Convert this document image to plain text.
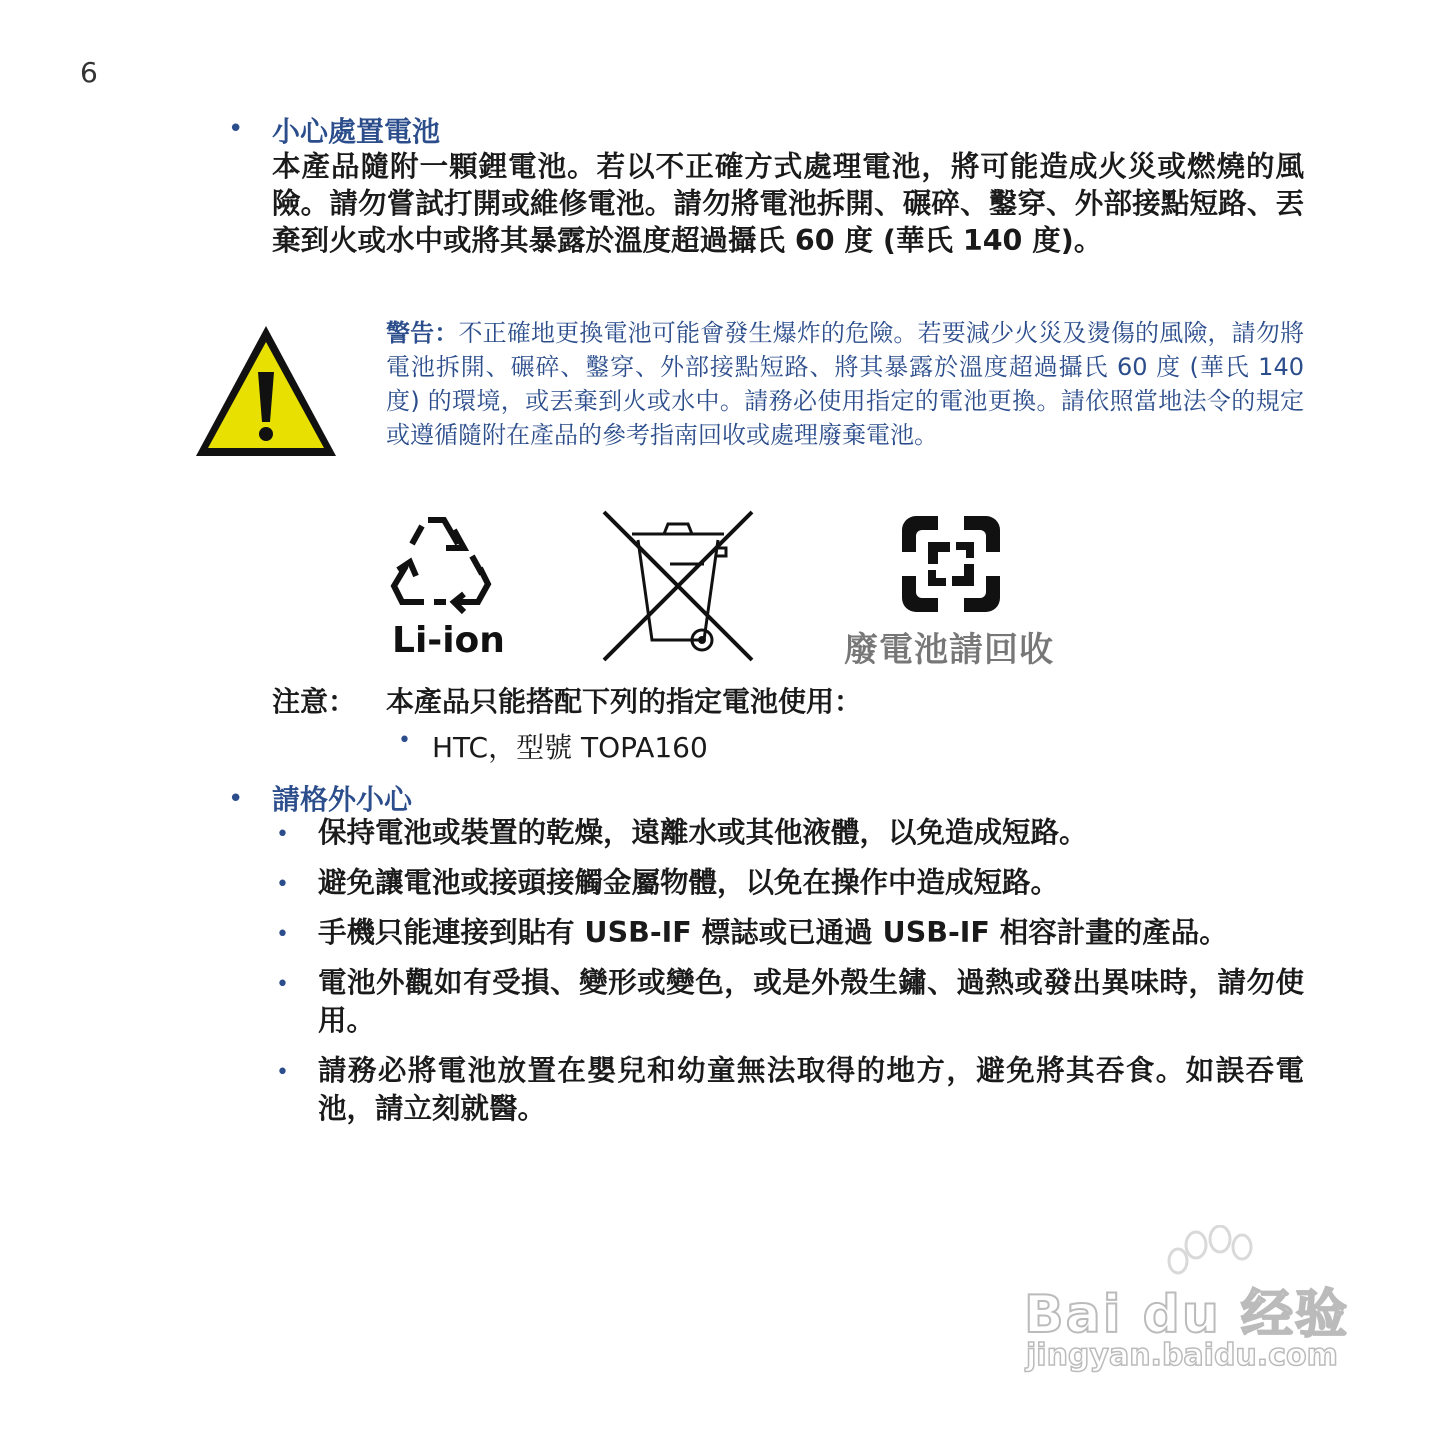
6
• 小心處置電池
本產品隨附一顆鋰電池。若以不正確方式處理電池，將可能造成火災或燃燒的風險。請勿嘗試打開或維修電池。請勿將電池拆開、碾碎、鑿穿、外部接點短路、丟棄到火或水中或將其暴露於溫度超過攝氏 60 度 (華氏 140 度)。
警告：不正確地更換電池可能會發生爆炸的危險。若要減少火災及燙傷的風險，請勿將電池拆開、碾碎、鑿穿、外部接點短路、將其暴露於溫度超過攝氏 60 度 (華氏 140 度) 的環境，或丟棄到火或水中。請務必使用指定的電池更換。請依照當地法令的規定或遵循隨附在產品的參考指南回收或處理廢棄電池。
Li-ion	廢電池請回收
注意： 本產品只能搭配下列的指定電池使用：
• HTC，型號 TOPA160
• 請格外小心
• 保持電池或裝置的乾燥，遠離水或其他液體，以免造成短路。
• 避免讓電池或接頭接觸金屬物體，以免在操作中造成短路。
• 手機只能連接到貼有 USB-IF 標誌或已通過 USB-IF 相容計畫的產品。
• 電池外觀如有受損、變形或變色，或是外殼生鏽、過熱或發出異味時，請勿使用。
• 請務必將電池放置在嬰兒和幼童無法取得的地方，避免將其吞食。如誤吞電池，請立刻就醫。
Bai du 经验
jingyan.baidu.com
